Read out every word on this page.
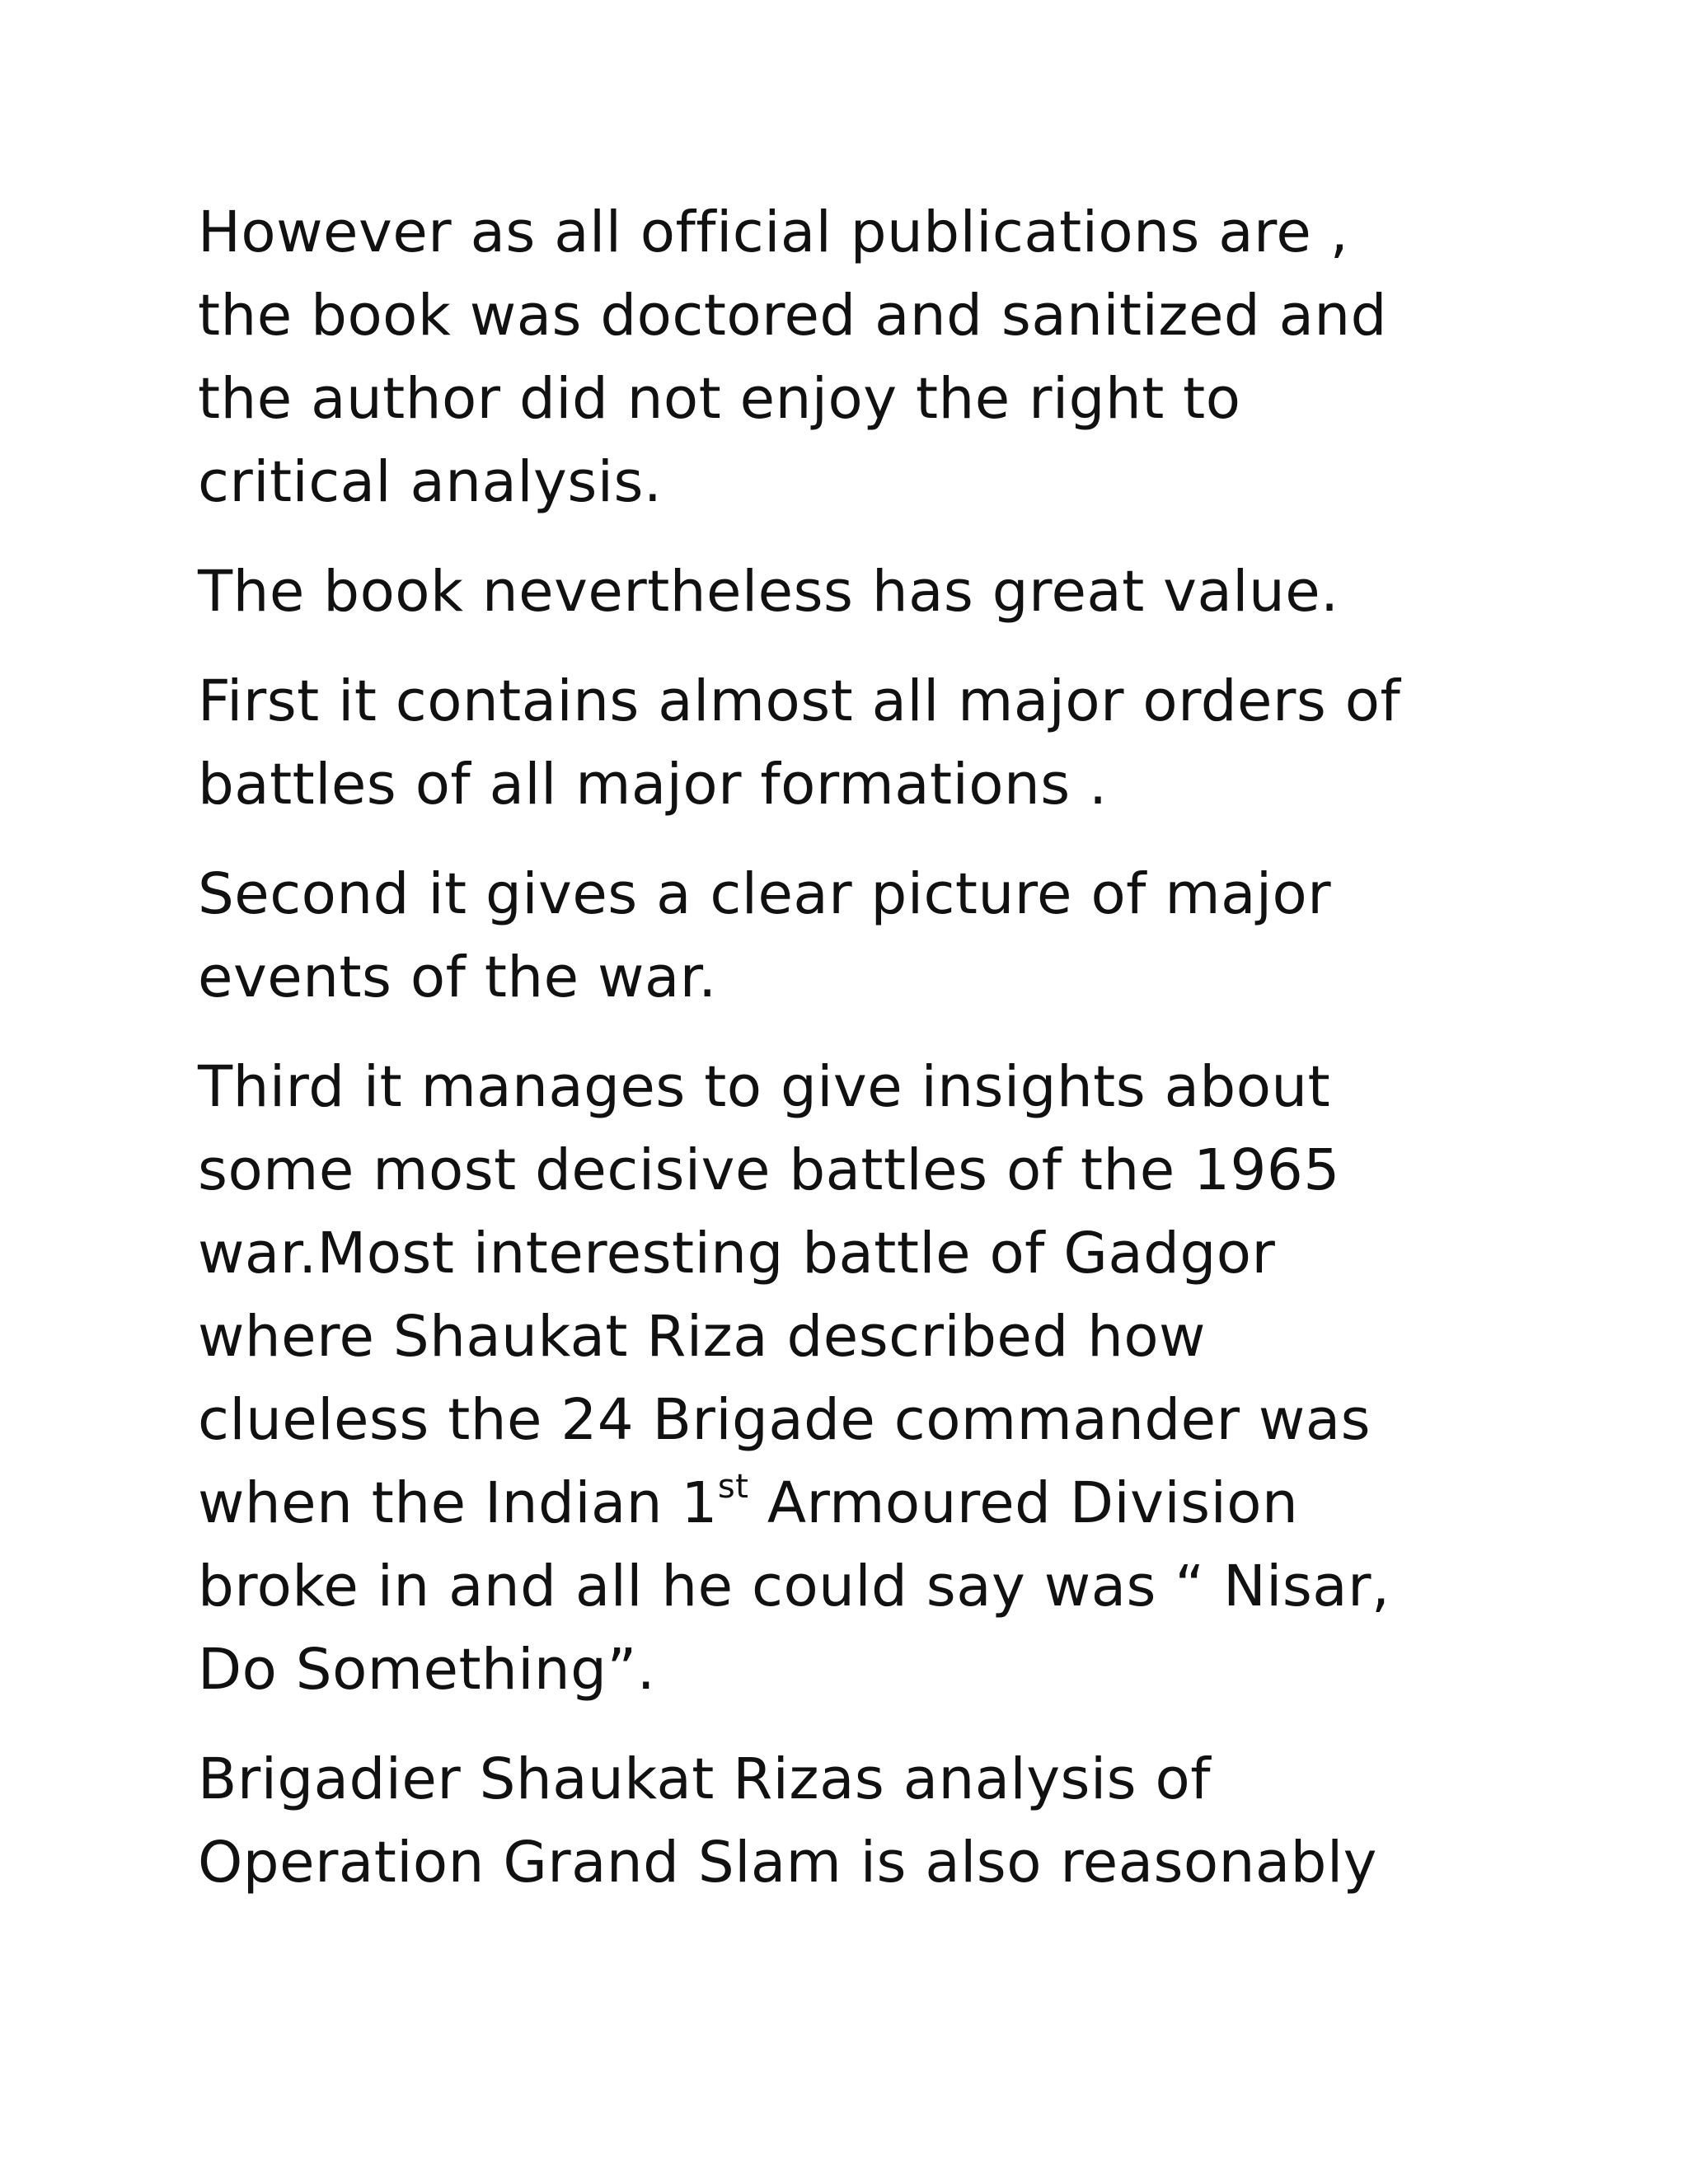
However as all official publications are ,
the book was doctored and sanitized and
the author did not enjoy the right to
critical analysis.

The book nevertheless has great value.

First it contains almost all major orders of
battles of all major formations .

Second it gives a clear picture of major
events of the war.

Third it manages to give insights about
some most decisive battles of the 1965
war.Most interesting battle of Gadgor
where Shaukat Riza described how
clueless the 24 Brigade commander was
when the Indian 1st Armoured Division
broke in and all he could say was “ Nisar,
Do Something”.

Brigadier Shaukat Rizas analysis of
Operation Grand Slam is also reasonably
